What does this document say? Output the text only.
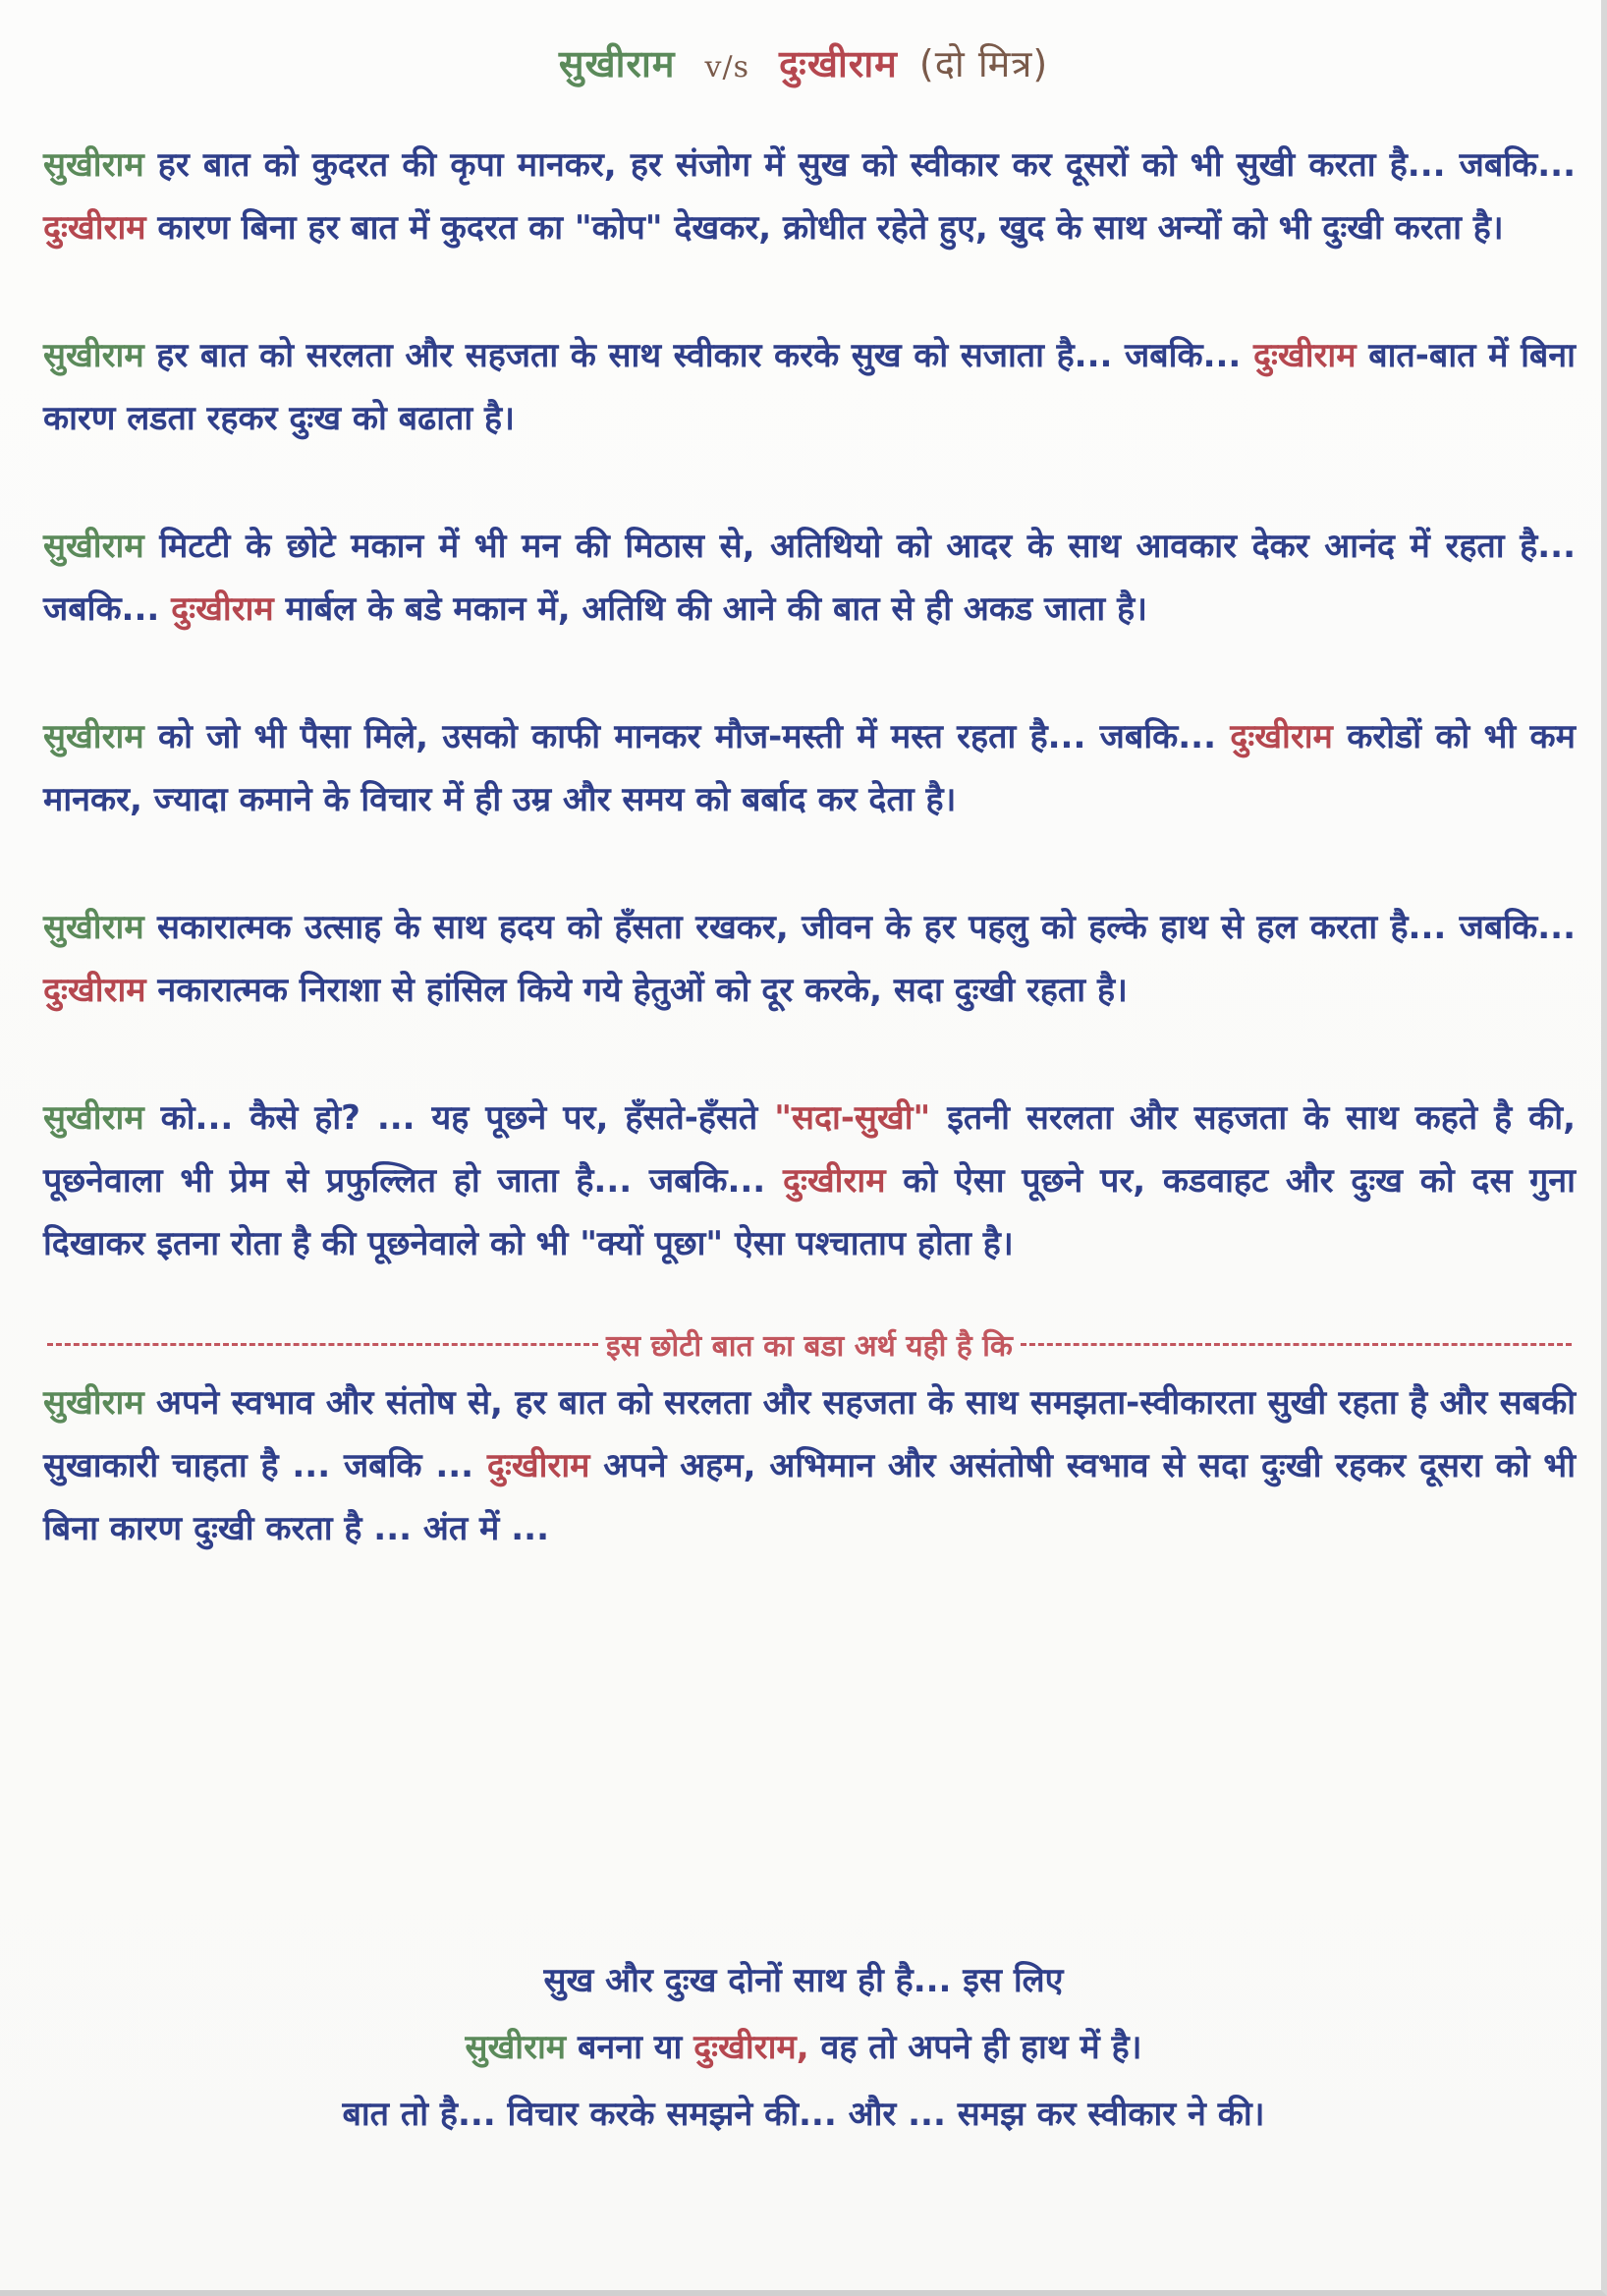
सुखीराम v/s दुःखीराम (दो मित्र)

सुखीराम हर बात को कुदरत की कृपा मानकर, हर संजोग में सुख को स्वीकार कर दूसरों को भी सुखी करता है... जबकि... दुःखीराम कारण बिना हर बात में कुदरत का "कोप" देखकर, क्रोधीत रहेते हुए, खुद के साथ अन्यों को भी दुःखी करता है।

सुखीराम हर बात को सरलता और सहजता के साथ स्वीकार करके सुख को सजाता है... जबकि... दुःखीराम बात-बात में बिना कारण लडता रहकर दुःख को बढाता है।

सुखीराम मिटटी के छोटे मकान में भी मन की मिठास से, अतिथियो को आदर के साथ आवकार देकर आनंद में रहता है... जबकि... दुःखीराम मार्बल के बडे मकान में, अतिथि की आने की बात से ही अकड जाता है।

सुखीराम को जो भी पैसा मिले, उसको काफी मानकर मौज-मस्ती में मस्त रहता है... जबकि... दुःखीराम करोडों को भी कम मानकर, ज्यादा कमाने के विचार में ही उम्र और समय को बर्बाद कर देता है।

सुखीराम सकारात्मक उत्साह के साथ हदय को हँसता रखकर, जीवन के हर पहलु को हल्के हाथ से हल करता है... जबकि... दुःखीराम नकारात्मक निराशा से हांसिल किये गये हेतुओं को दूर करके, सदा दुःखी रहता है।

सुखीराम को... कैसे हो? ... यह पूछने पर, हँसते-हँसते "सदा-सुखी" इतनी सरलता और सहजता के साथ कहते है की, पूछनेवाला भी प्रेम से प्रफुल्लित हो जाता है... जबकि... दुःखीराम को ऐसा पूछने पर, कडवाहट और दुःख को दस गुना दिखाकर इतना रोता है की पूछनेवाले को भी "क्यों पूछा" ऐसा पश्चाताप होता है।

इस छोटी बात का बडा अर्थ यही है कि

सुखीराम अपने स्वभाव और संतोष से, हर बात को सरलता और सहजता के साथ समझता-स्वीकारता सुखी रहता है और सबकी सुखाकारी चाहता है ... जबकि ... दुःखीराम अपने अहम, अभिमान और असंतोषी स्वभाव से सदा दुःखी रहकर दूसरा को भी बिना कारण दुःखी करता है ... अंत में ...

सुख और दुःख दोनों साथ ही है... इस लिए
सुखीराम बनना या दुःखीराम, वह तो अपने ही हाथ में है।
बात तो है... विचार करके समझने की... और ... समझ कर स्वीकार ने की।
